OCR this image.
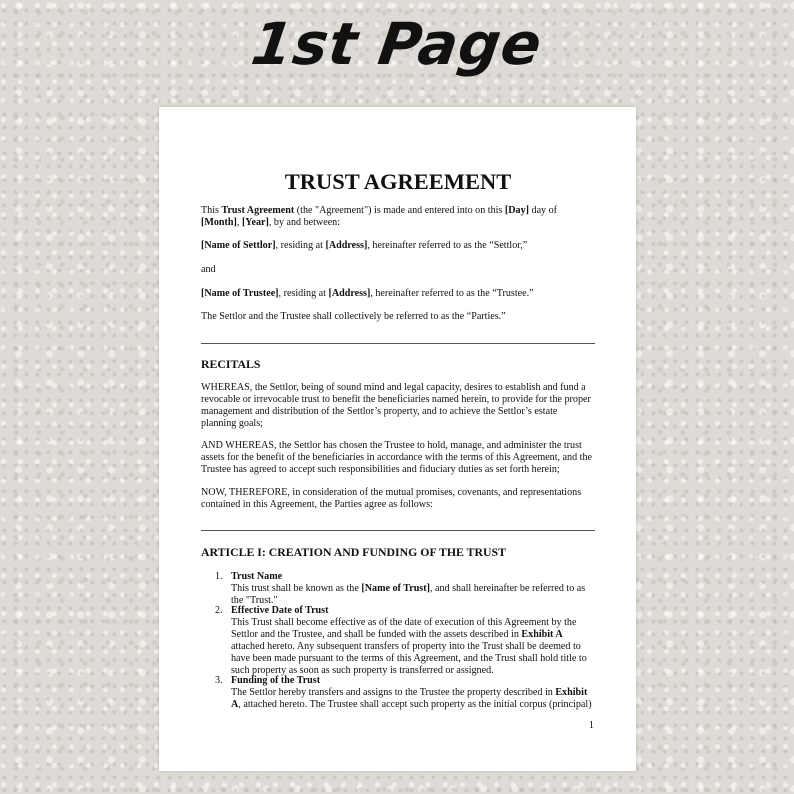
1st Page
TRUST AGREEMENT

This Trust Agreement (the "Agreement") is made and entered into on this [Day] day of [Month], [Year], by and between:

[Name of Settlor], residing at [Address], hereinafter referred to as the “Settlor,”

and

[Name of Trustee], residing at [Address], hereinafter referred to as the “Trustee.”

The Settlor and the Trustee shall collectively be referred to as the “Parties.”

RECITALS

WHEREAS, the Settlor, being of sound mind and legal capacity, desires to establish and fund a revocable or irrevocable trust to benefit the beneficiaries named herein, to provide for the proper management and distribution of the Settlor’s property, and to achieve the Settlor’s estate planning goals;

AND WHEREAS, the Settlor has chosen the Trustee to hold, manage, and administer the trust assets for the benefit of the beneficiaries in accordance with the terms of this Agreement, and the Trustee has agreed to accept such responsibilities and fiduciary duties as set forth herein;

NOW, THEREFORE, in consideration of the mutual promises, covenants, and representations contained in this Agreement, the Parties agree as follows:

ARTICLE I: CREATION AND FUNDING OF THE TRUST
1. Trust Name
This trust shall be known as the [Name of Trust], and shall hereinafter be referred to as the "Trust."
2. Effective Date of Trust
This Trust shall become effective as of the date of execution of this Agreement by the Settlor and the Trustee, and shall be funded with the assets described in Exhibit A attached hereto. Any subsequent transfers of property into the Trust shall be deemed to have been made pursuant to the terms of this Agreement, and the Trust shall hold title to such property as soon as such property is transferred or assigned.
3. Funding of the Trust
The Settlor hereby transfers and assigns to the Trustee the property described in Exhibit A, attached hereto. The Trustee shall accept such property as the initial corpus (principal)
1
